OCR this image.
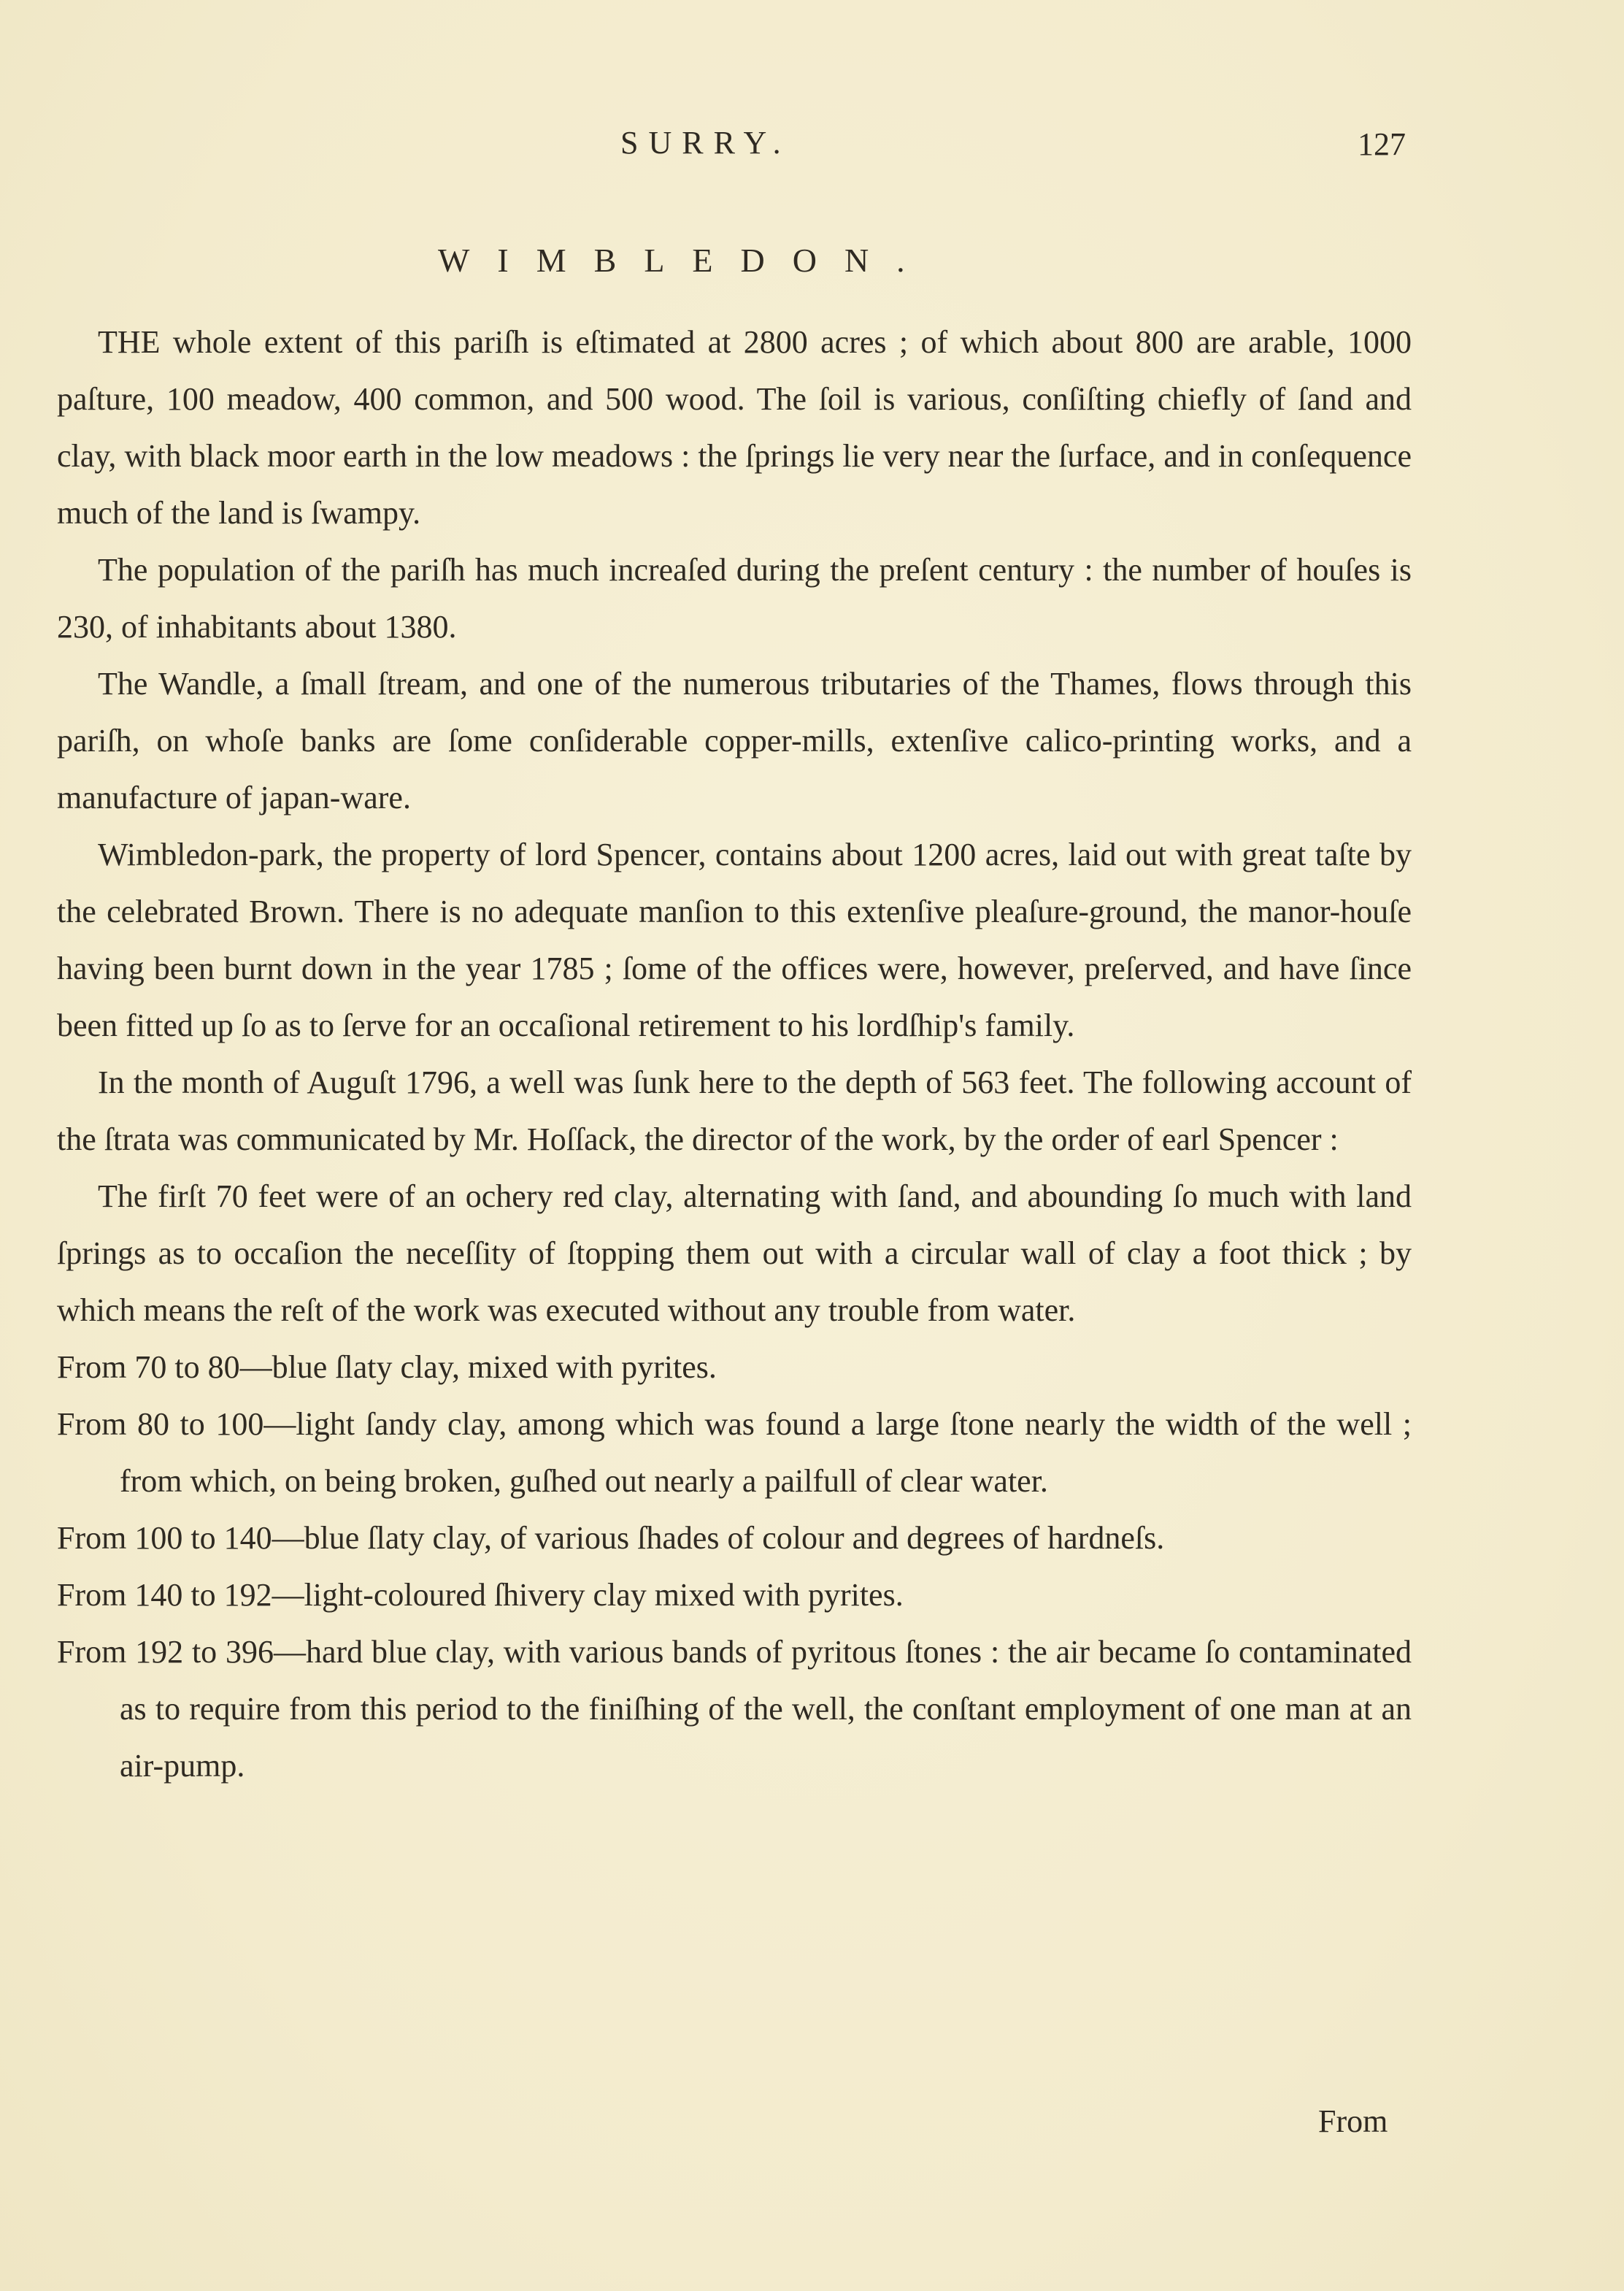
SURRY.	127
WIMBLEDON.

THE whole extent of this pariſh is eſtimated at 2800 acres ; of which about 800 are arable, 1000 paſture, 100 meadow, 400 common, and 500 wood. The ſoil is various, conſiſting chiefly of ſand and clay, with black moor earth in the low meadows : the ſprings lie very near the ſurface, and in conſequence much of the land is ſwampy.

The population of the pariſh has much increaſed during the preſent century : the number of houſes is 230, of inhabitants about 1380.

The Wandle, a ſmall ſtream, and one of the numerous tributaries of the Thames, flows through this pariſh, on whoſe banks are ſome conſiderable copper-mills, extenſive calico-printing works, and a manufacture of japan-ware.

Wimbledon-park, the property of lord Spencer, contains about 1200 acres, laid out with great taſte by the celebrated Brown. There is no adequate manſion to this extenſive pleaſure-ground, the manor-houſe having been burnt down in the year 1785 ; ſome of the offices were, however, preſerved, and have ſince been fitted up ſo as to ſerve for an occaſional retirement to his lordſhip's family.

In the month of Auguſt 1796, a well was ſunk here to the depth of 563 feet. The following account of the ſtrata was communicated by Mr. Hoſſack, the director of the work, by the order of earl Spencer :

The firſt 70 feet were of an ochery red clay, alternating with ſand, and abounding ſo much with land ſprings as to occaſion the neceſſity of ſtopping them out with a circular wall of clay a foot thick ; by which means the reſt of the work was executed without any trouble from water.

From 70 to 80—blue ſlaty clay, mixed with pyrites.
From 80 to 100—light ſandy clay, among which was found a large ſtone nearly the width of the well ; from which, on being broken, guſhed out nearly a pailfull of clear water.
From 100 to 140—blue ſlaty clay, of various ſhades of colour and degrees of hardneſs.
From 140 to 192—light-coloured ſhivery clay mixed with pyrites.
From 192 to 396—hard blue clay, with various bands of pyritous ſtones : the air became ſo contaminated as to require from this period to the finiſhing of the well, the conſtant employment of one man at an air-pump.
From
